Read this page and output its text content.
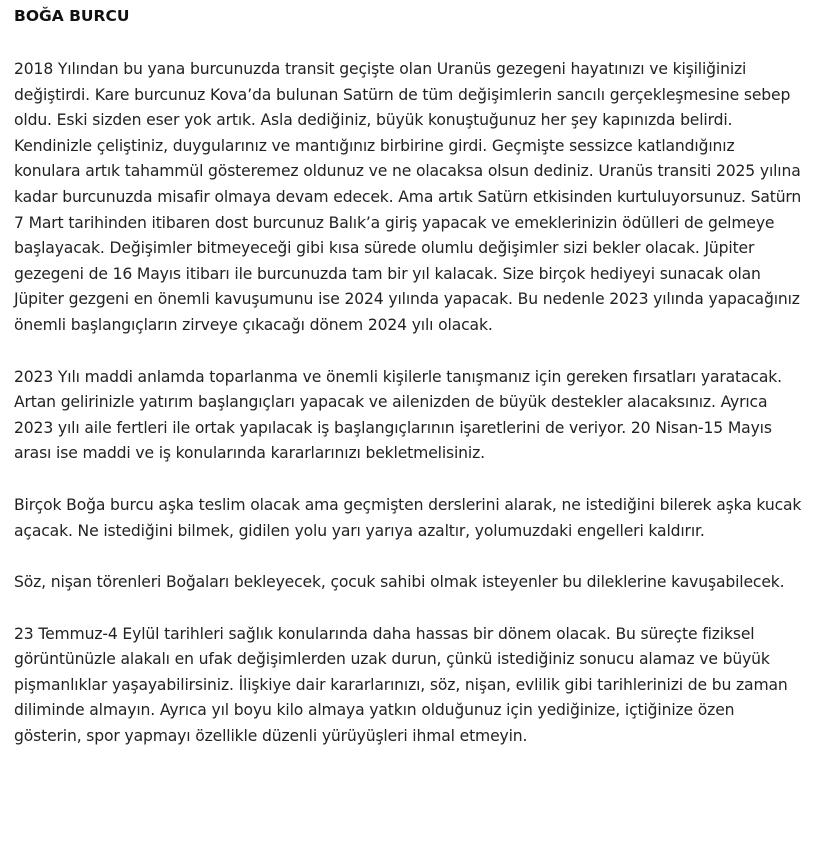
BOĞA BURCU

2018 Yılından bu yana burcunuzda transit geçişte olan Uranüs gezegeni hayatınızı ve kişiliğinizi değiştirdi. Kare burcunuz Kova’da bulunan Satürn de tüm değişimlerin sancılı gerçekleşmesine sebep oldu. Eski sizden eser yok artık. Asla dediğiniz, büyük konuştuğunuz her şey kapınızda belirdi. Kendinizle çeliştiniz, duygularınız ve mantığınız birbirine girdi. Geçmişte sessizce katlandığınız konulara artık tahammül gösteremez oldunuz ve ne olacaksa olsun dediniz. Uranüs transiti 2025 yılına kadar burcunuzda misafir olmaya devam edecek. Ama artık Satürn etkisinden kurtuluyorsunuz. Satürn 7 Mart tarihinden itibaren dost burcunuz Balık’a giriş yapacak ve emeklerinizin ödülleri de gelmeye başlayacak. Değişimler bitmeyeceği gibi kısa sürede olumlu değişimler sizi bekler olacak. Jüpiter gezegeni de 16 Mayıs itibarı ile burcunuzda tam bir yıl kalacak. Size birçok hediyeyi sunacak olan Jüpiter gezgeni en önemli kavuşumunu ise 2024 yılında yapacak. Bu nedenle 2023 yılında yapacağınız önemli başlangıçların zirveye çıkacağı dönem 2024 yılı olacak.

2023 Yılı maddi anlamda toparlanma ve önemli kişilerle tanışmanız için gereken fırsatları yaratacak. Artan gelirinizle yatırım başlangıçları yapacak ve ailenizden de büyük destekler alacaksınız. Ayrıca 2023 yılı aile fertleri ile ortak yapılacak iş başlangıçlarının işaretlerini de veriyor. 20 Nisan-15 Mayıs arası ise maddi ve iş konularında kararlarınızı bekletmelisiniz.

Birçok Boğa burcu aşka teslim olacak ama geçmişten derslerini alarak, ne istediğini bilerek aşka kucak açacak. Ne istediğini bilmek, gidilen yolu yarı yarıya azaltır, yolumuzdaki engelleri kaldırır.

Söz, nişan törenleri Boğaları bekleyecek, çocuk sahibi olmak isteyenler bu dileklerine kavuşabilecek.

23 Temmuz-4 Eylül tarihleri sağlık konularında daha hassas bir dönem olacak. Bu süreçte fiziksel görüntünüzle alakalı en ufak değişimlerden uzak durun, çünkü istediğiniz sonucu alamaz ve büyük pişmanlıklar yaşayabilirsiniz. İlişkiye dair kararlarınızı, söz, nişan, evlilik gibi tarihlerinizi de bu zaman diliminde almayın. Ayrıca yıl boyu kilo almaya yatkın olduğunuz için yediğinize, içtiğinize özen gösterin, spor yapmayı özellikle düzenli yürüyüşleri ihmal etmeyin.
